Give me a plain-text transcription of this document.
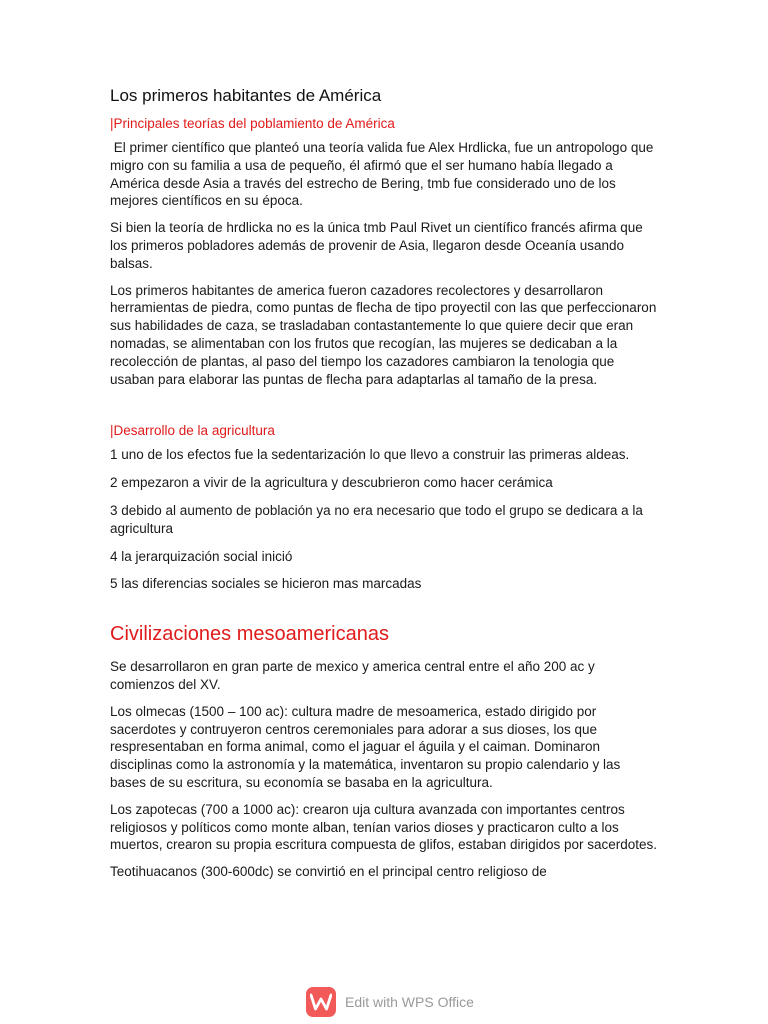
Los primeros habitantes de América
|Principales teorías del poblamiento de América

El primer científico que planteó una teoría valida fue Alex Hrdlicka, fue un antropologo que migro con su familia a usa de pequeño, él afirmó que el ser humano había llegado a América desde Asia a través del estrecho de Bering, tmb fue considerado uno de los mejores científicos en su época.

Si bien la teoría de hrdlicka no es la única tmb Paul Rivet un científico francés afirma que los primeros pobladores además de provenir de Asia, llegaron desde Oceanía usando balsas.

Los primeros habitantes de america fueron cazadores recolectores y desarrollaron herramientas de piedra, como puntas de flecha de tipo proyectil con las que perfeccionaron sus habilidades de caza, se trasladaban contastantemente lo que quiere decir que eran nomadas, se alimentaban con los frutos que recogían, las mujeres se dedicaban a la recolección de plantas, al paso del tiempo los cazadores cambiaron la tenologia que usaban para elaborar las puntas de flecha para adaptarlas al tamaño de la presa.

|Desarrollo de la agricultura

1 uno de los efectos fue la sedentarización lo que llevo a construir las primeras aldeas.

2 empezaron a vivir de la agricultura y descubrieron como hacer cerámica

3 debido al aumento de población ya no era necesario que todo el grupo se dedicara a la agricultura

4 la jerarquización social inició

5 las diferencias sociales se hicieron mas marcadas

Civilizaciones mesoamericanas

Se desarrollaron en gran parte de mexico y america central entre el año 200 ac y comienzos del XV.

Los olmecas (1500 – 100 ac): cultura madre de mesoamerica, estado dirigido por sacerdotes y contruyeron centros ceremoniales para adorar a sus dioses, los que respresentaban en forma animal, como el jaguar el águila y el caiman. Dominaron disciplinas como la astronomía y la matemática, inventaron su propio calendario y las bases de su escritura, su economía se basaba en la agricultura.

Los zapotecas (700 a 1000 ac): crearon uja cultura avanzada con importantes centros religiosos y políticos como monte alban, tenían varios dioses y practicaron culto a los muertos, crearon su propia escritura compuesta de glifos, estaban dirigidos por sacerdotes.

Teotihuacanos (300-600dc) se convirtió en el principal centro religioso de

Edit with WPS Office
